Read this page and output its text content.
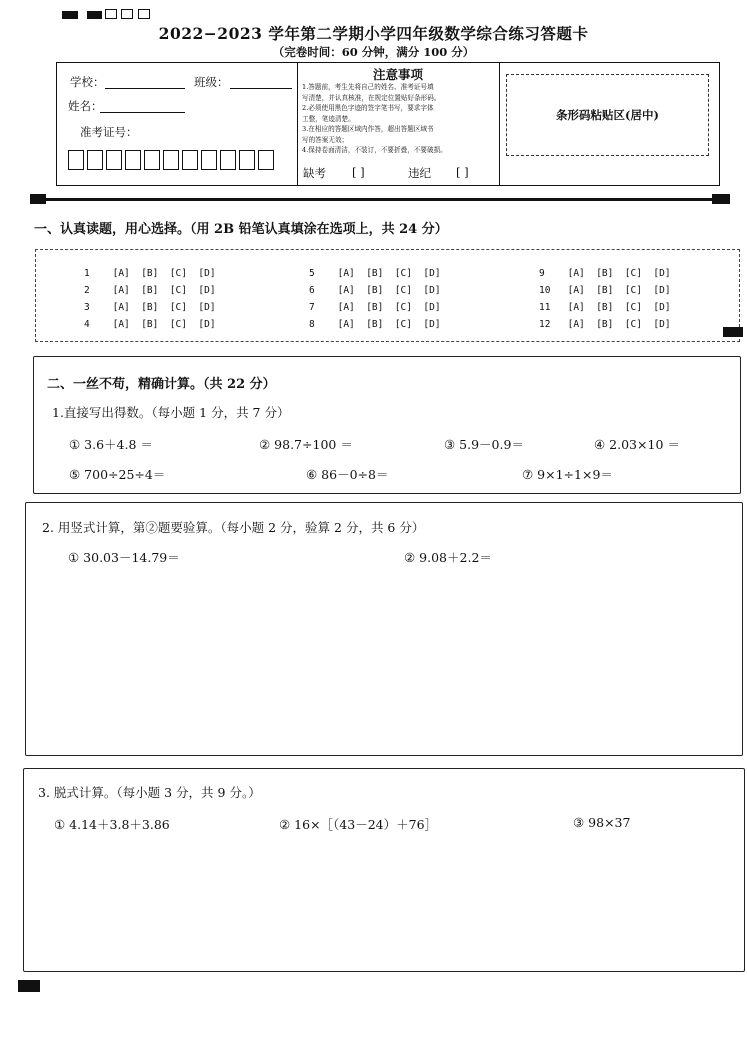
2022−2023 学年第二学期小学四年级数学综合练习答题卡
（完卷时间：60 分钟，满分 100 分）
学校：	班级：
姓名：
准考证号：
注意事项
1.答题前，考生先将自己的姓名、准考证号填
写清楚，并认真核准，在规定位置贴好条形码。
2.必须使用黑色字迹的签字笔书写，要求字体
工整，笔迹清楚。
3.在相应的答题区域内作答，超出答题区域书
写的答案无效；
4.保持卷面清洁，不装订，不要折叠，不要破损。
缺考 [ ]	违纪 [ ]
条形码粘贴区(居中)
一、认真读题，用心选择。（用 2B 铅笔认真填涂在选项上，共 24 分）
1    [A]  [B]  [C]  [D]
2    [A]  [B]  [C]  [D]
3    [A]  [B]  [C]  [D]
4    [A]  [B]  [C]  [D]
5    [A]  [B]  [C]  [D]
6    [A]  [B]  [C]  [D]
7    [A]  [B]  [C]  [D]
8    [A]  [B]  [C]  [D]
9    [A]  [B]  [C]  [D]
10   [A]  [B]  [C]  [D]
11   [A]  [B]  [C]  [D]
12   [A]  [B]  [C]  [D]
二、一丝不苟，精确计算。（共 22 分）
1.直接写出得数。（每小题 1 分，共 7 分）
① 3.6＋4.8 ＝	② 98.7÷100 ＝	③ 5.9－0.9＝	④ 2.03×10 ＝
⑤ 700÷25÷4＝	⑥ 86－0÷8＝	⑦ 9×1÷1×9＝
2. 用竖式计算，第②题要验算。（每小题 2 分，验算 2 分，共 6 分）
① 30.03－14.79＝	② 9.08＋2.2＝
3. 脱式计算。（每小题 3 分，共 9 分。）
① 4.14＋3.8＋3.86	② 16×［（43－24）＋76］	③ 98×37
